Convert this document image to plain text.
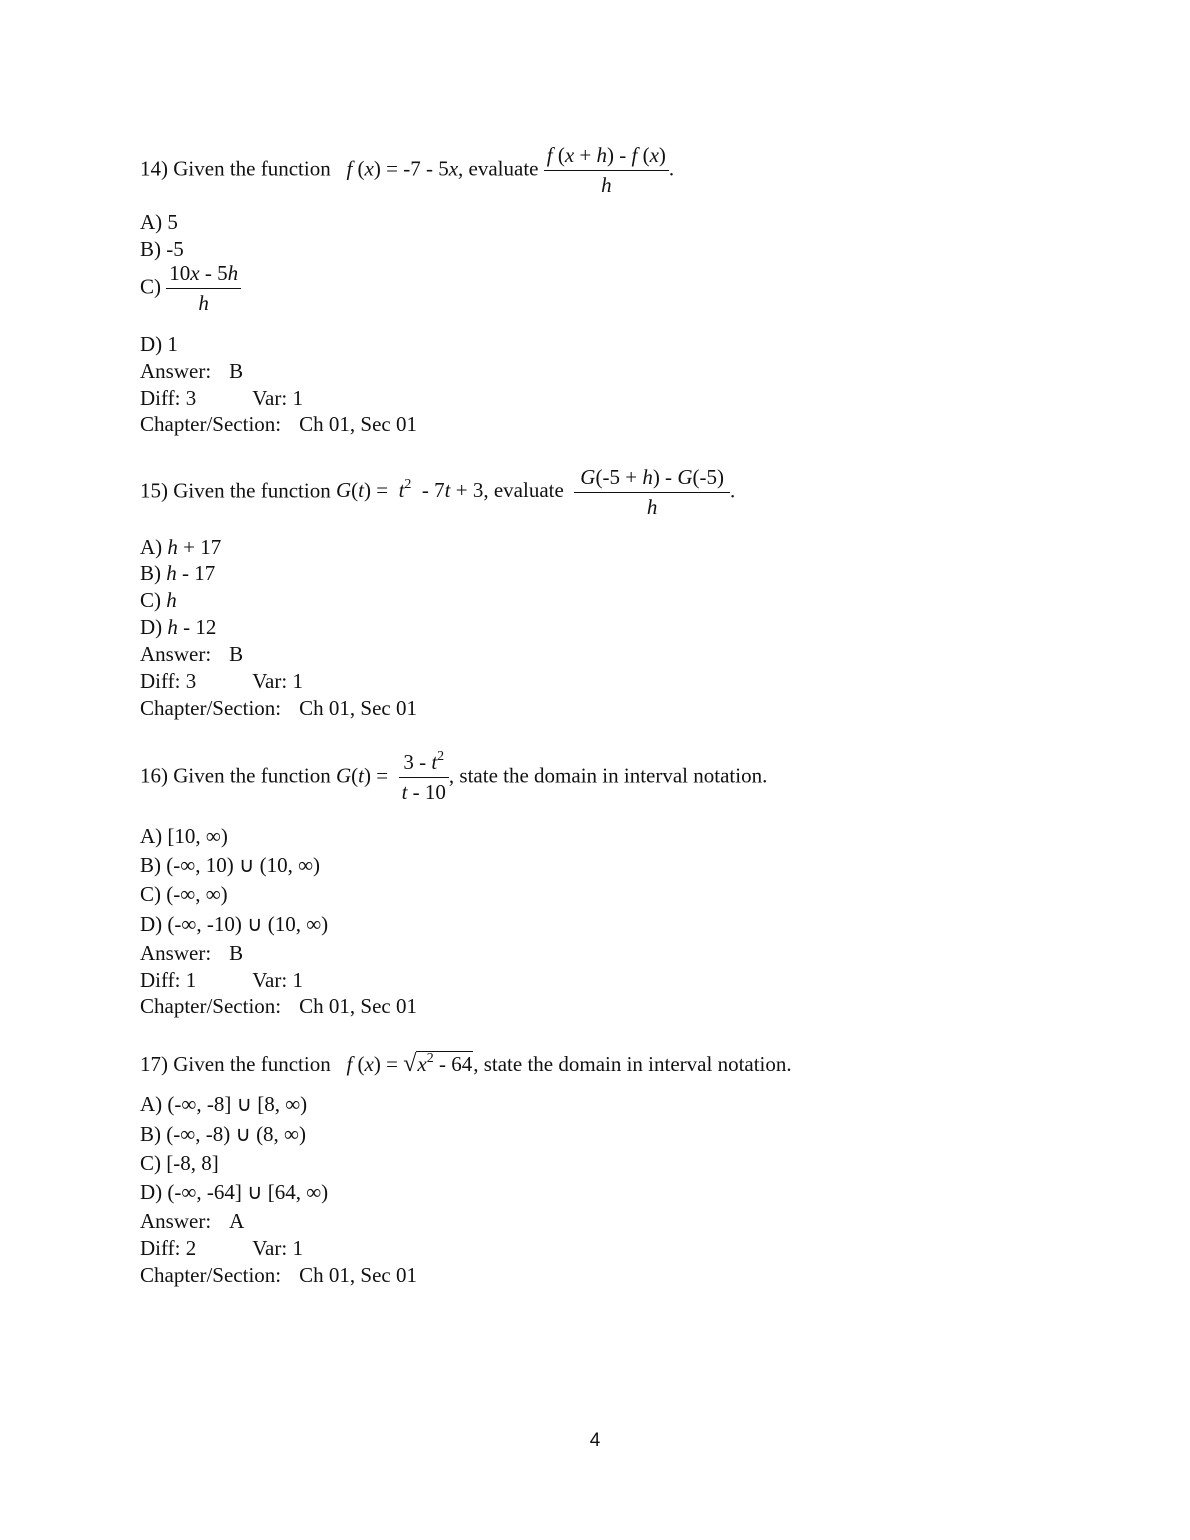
14) Given the function f (x) = -7 - 5x, evaluate $\frac{f (x + h) - f (x)}{h}$ .
A) 5
B) -5
$C) \frac{10x - 5h}{h}$
D) 1
Answer: B
Diff: 3	Var: 1
Chapter/Section: Ch 01, Sec 01
15) Given the function $G(t) = t^2 - 7t + 3$, evaluate $\frac{G(-5 + h) - G(-5)}{h}$ .
A) h + 17
B) h - 17
C) h
D) h - 12
Answer: B
Diff: 3	Var: 1
Chapter/Section: Ch 01, Sec 01
16) Given the function $G(t) = \frac{3 - t^2}{t - 10}$ , state the domain in interval notation.
A) [10, ∞)
B) (-∞, 10) ∪ (10, ∞)
C) (-∞, ∞)
D) (-∞, -10) ∪ (10, ∞)
Answer: B
Diff: 1	Var: 1
Chapter/Section: Ch 01, Sec 01
17) Given the function f $(x) = √x^2 - 64$, state the domain in interval notation.
A) (-∞, -8] ∪ [8, ∞)
B) (-∞, -8) ∪ (8, ∞)
C) [-8, 8]
D) (-∞, -64] ∪ [64, ∞)
Answer: A
Diff: 2	Var: 1
Chapter/Section: Ch 01, Sec 01
4
